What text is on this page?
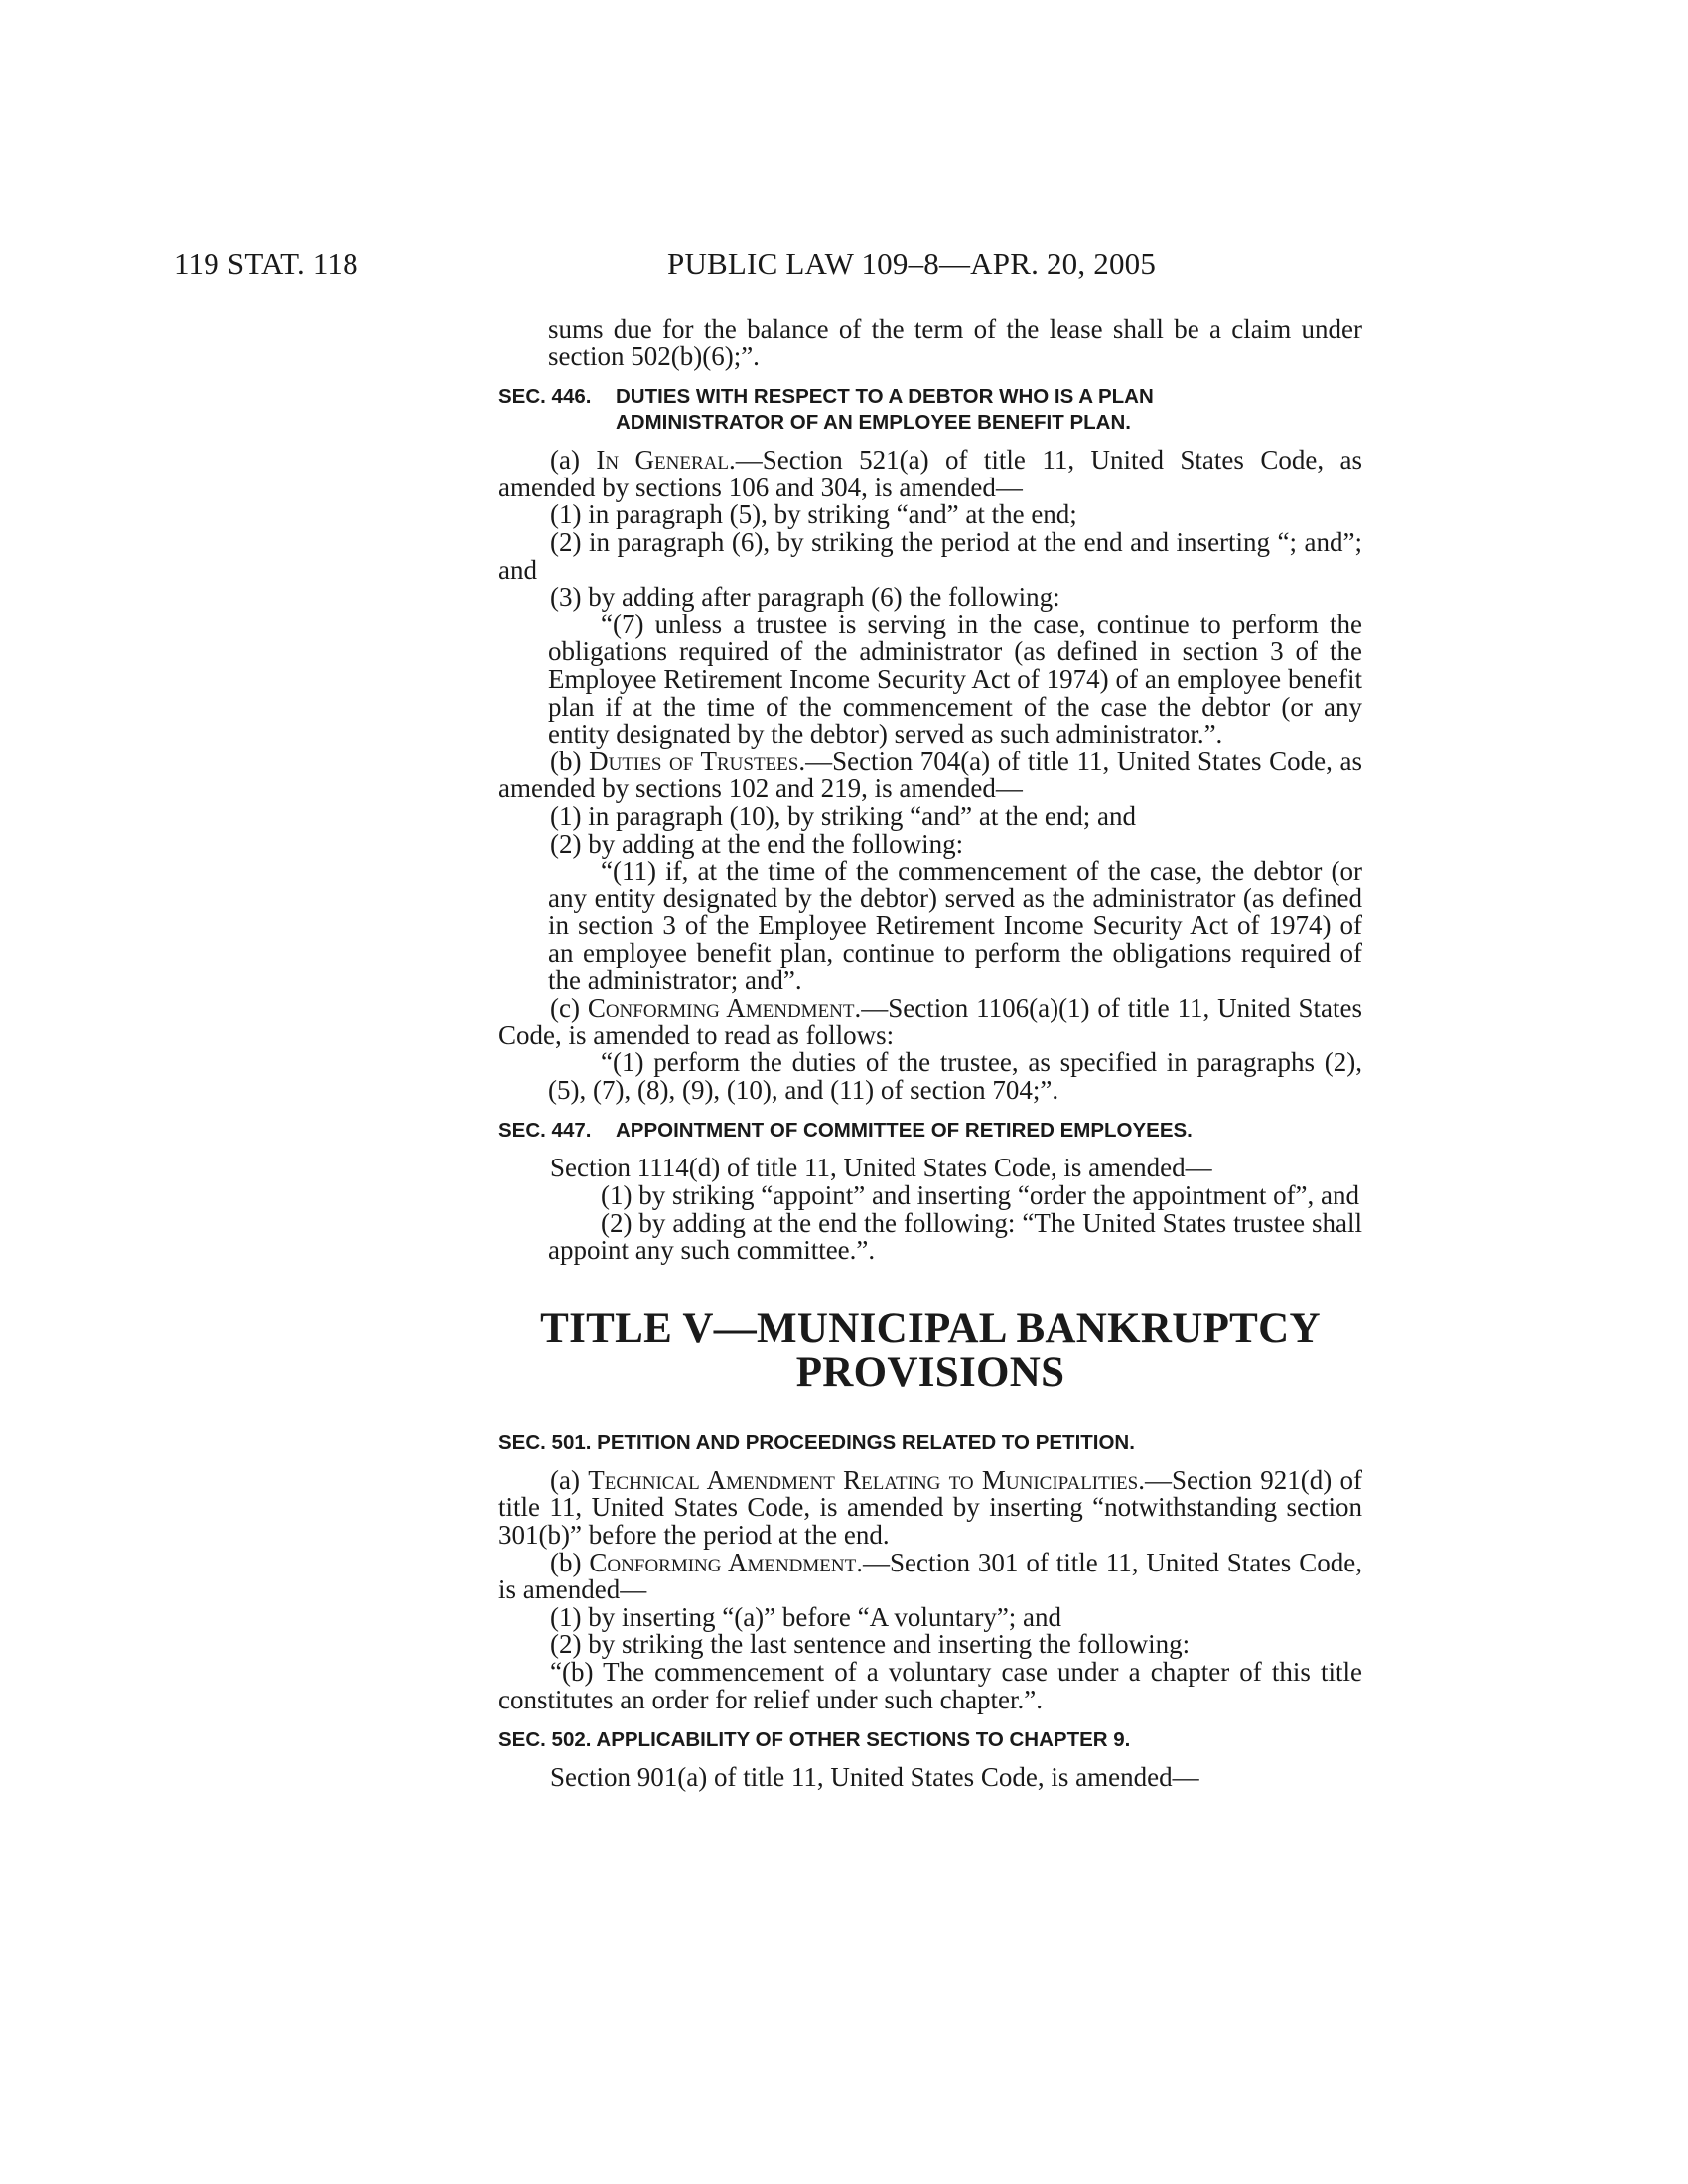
119 STAT. 118	PUBLIC LAW 109–8—APR. 20, 2005

sums due for the balance of the term of the lease shall be a claim under section 502(b)(6);”.

SEC. 446. DUTIES WITH RESPECT TO A DEBTOR WHO IS A PLAN
ADMINISTRATOR OF AN EMPLOYEE BENEFIT PLAN.

(a) In General.—Section 521(a) of title 11, United States Code, as amended by sections 106 and 304, is amended—

(1) in paragraph (5), by striking “and” at the end;

(2) in paragraph (6), by striking the period at the end and inserting “; and”; and

(3) by adding after paragraph (6) the following:

“(7) unless a trustee is serving in the case, continue to perform the obligations required of the administrator (as defined in section 3 of the Employee Retirement Income Security Act of 1974) of an employee benefit plan if at the time of the commencement of the case the debtor (or any entity designated by the debtor) served as such administrator.”.

(b) Duties of Trustees.—Section 704(a) of title 11, United States Code, as amended by sections 102 and 219, is amended—

(1) in paragraph (10), by striking “and” at the end; and

(2) by adding at the end the following:

“(11) if, at the time of the commencement of the case, the debtor (or any entity designated by the debtor) served as the administrator (as defined in section 3 of the Employee Retirement Income Security Act of 1974) of an employee benefit plan, continue to perform the obligations required of the administrator; and”.

(c) Conforming Amendment.—Section 1106(a)(1) of title 11, United States Code, is amended to read as follows:

“(1) perform the duties of the trustee, as specified in paragraphs (2), (5), (7), (8), (9), (10), and (11) of section 704;”.

SEC. 447. APPOINTMENT OF COMMITTEE OF RETIRED EMPLOYEES.

Section 1114(d) of title 11, United States Code, is amended—

(1) by striking “appoint” and inserting “order the appointment of”, and

(2) by adding at the end the following: “The United States trustee shall appoint any such committee.”.

TITLE V—MUNICIPAL BANKRUPTCY
PROVISIONS
SEC. 501. PETITION AND PROCEEDINGS RELATED TO PETITION.

(a) Technical Amendment Relating to Municipalities.—Section 921(d) of title 11, United States Code, is amended by inserting “notwithstanding section 301(b)” before the period at the end.

(b) Conforming Amendment.—Section 301 of title 11, United States Code, is amended—

(1) by inserting “(a)” before “A voluntary”; and

(2) by striking the last sentence and inserting the following:

“(b) The commencement of a voluntary case under a chapter of this title constitutes an order for relief under such chapter.”.

SEC. 502. APPLICABILITY OF OTHER SECTIONS TO CHAPTER 9.

Section 901(a) of title 11, United States Code, is amended—
